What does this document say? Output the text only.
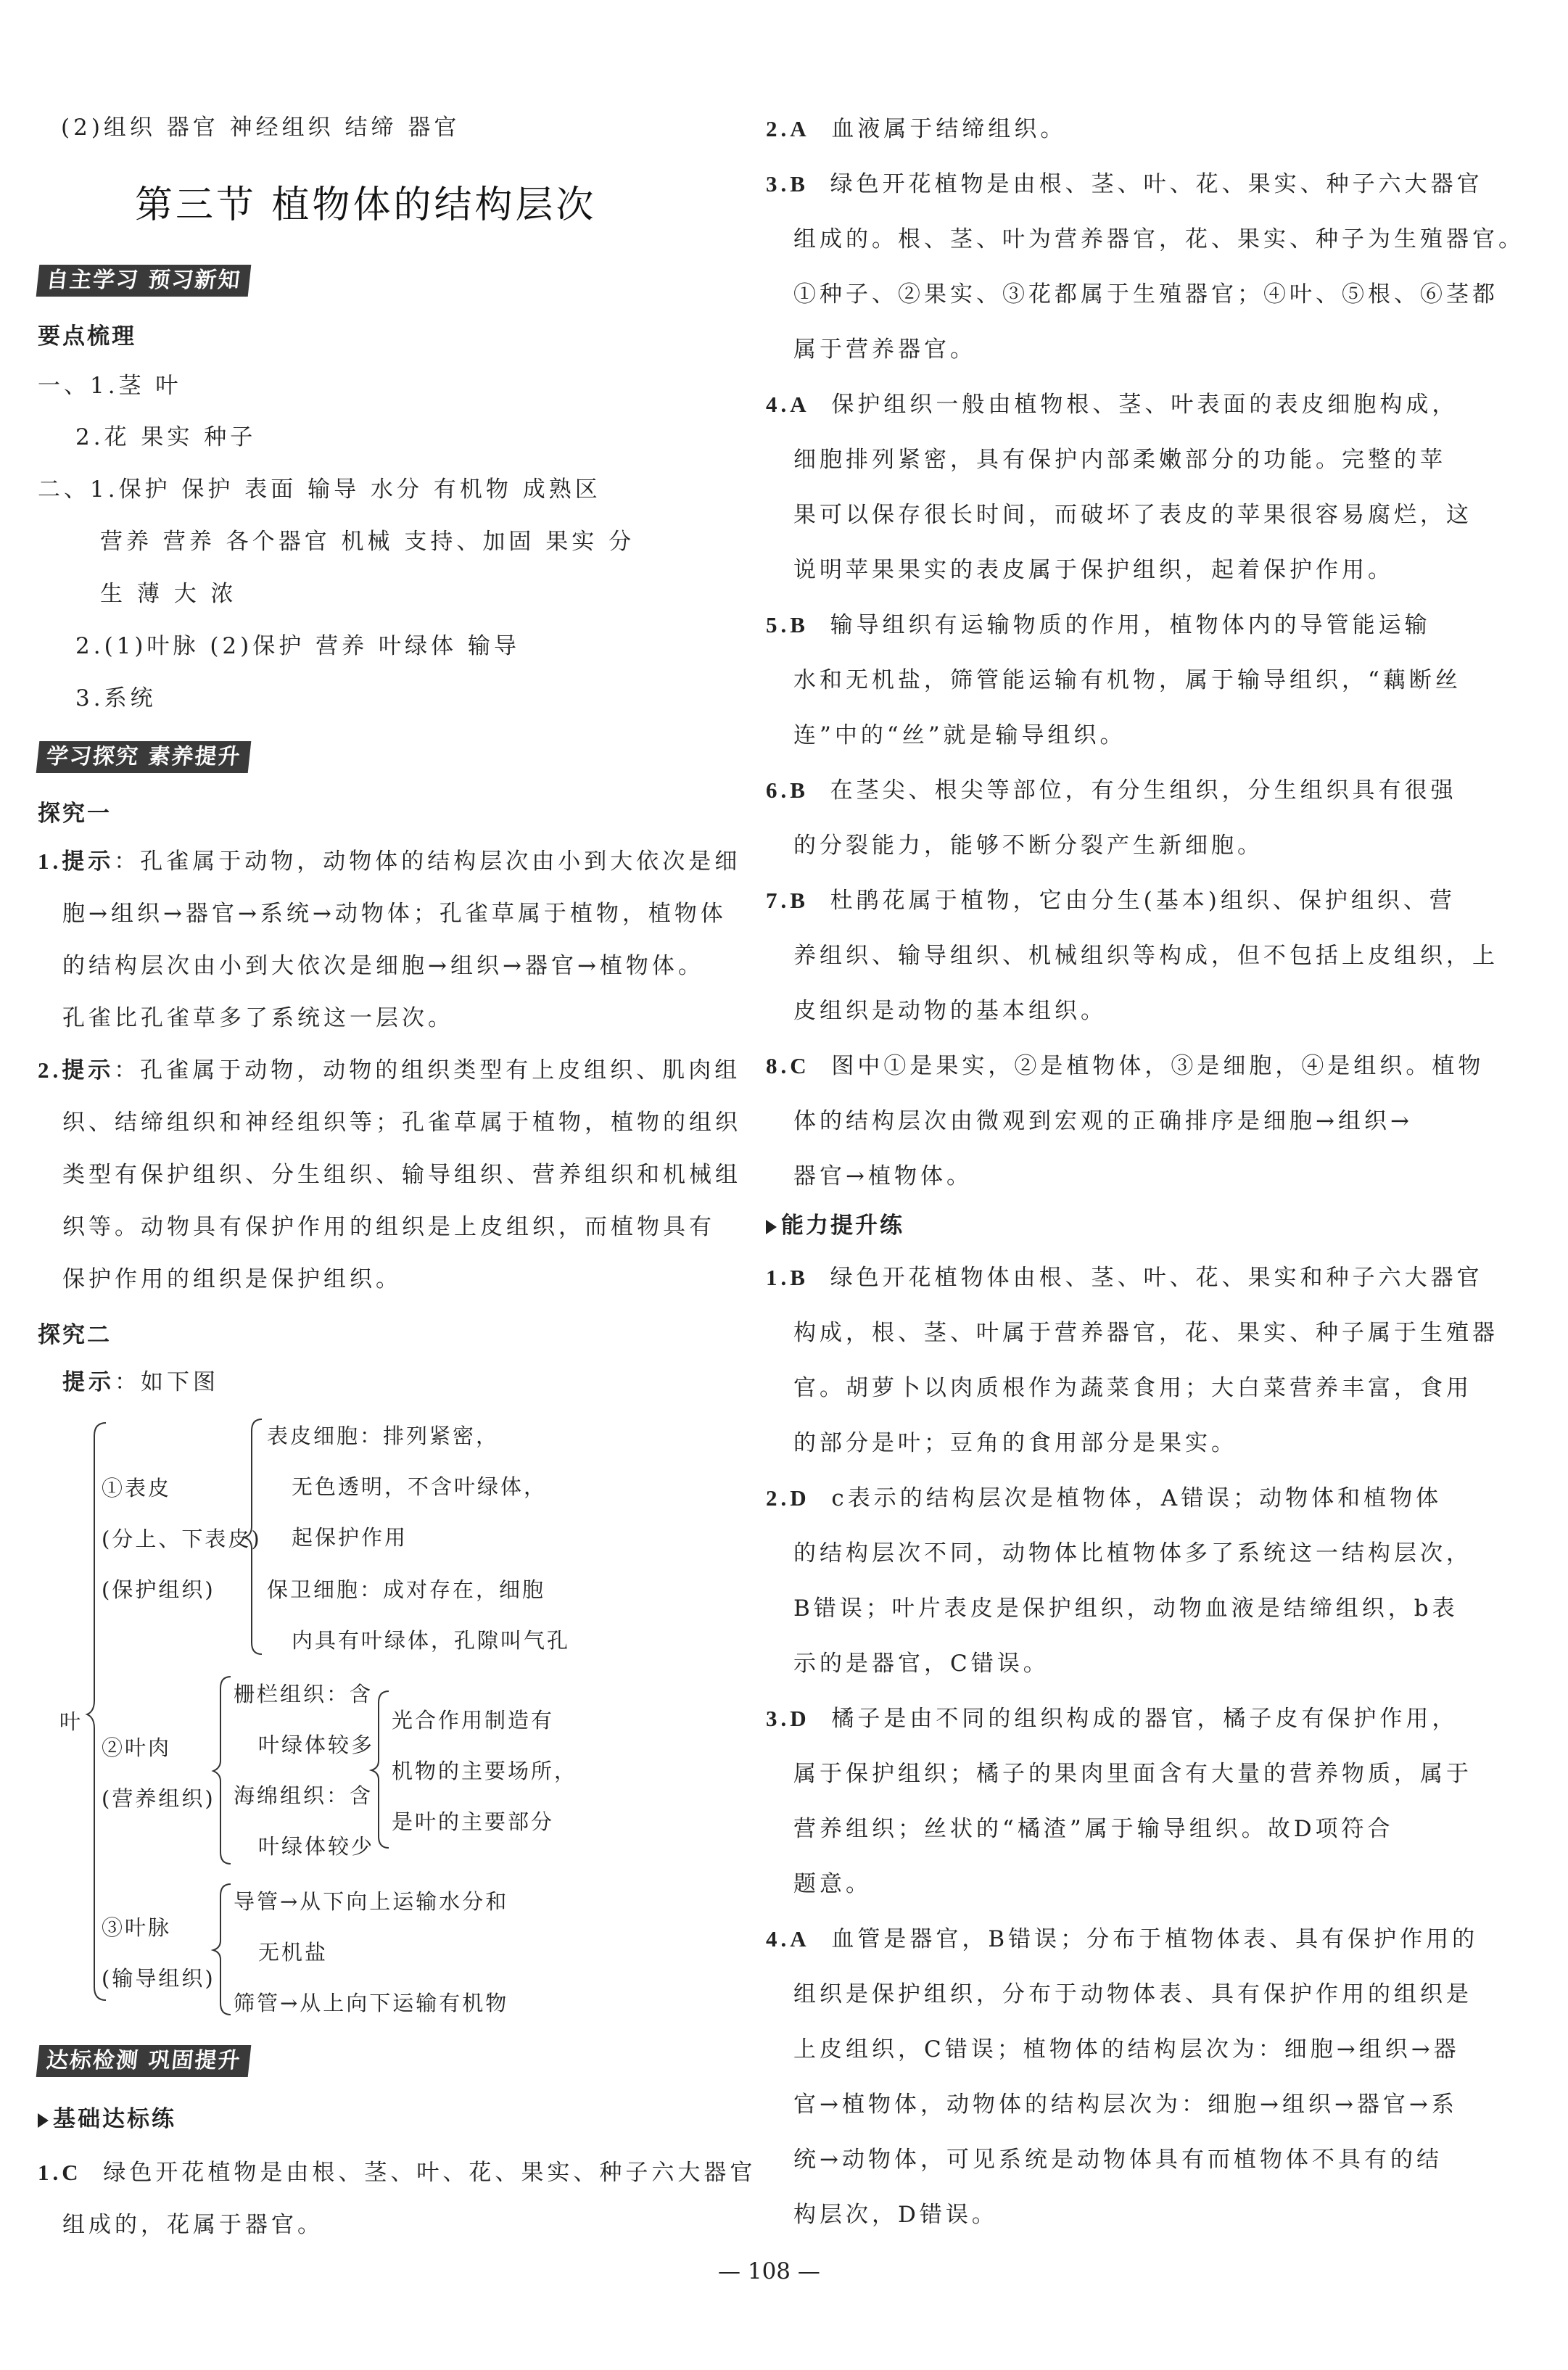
(2)组织 器官 神经组织 结缔 器官
第三节 植物体的结构层次
自主学习 预习新知
要点梳理
一、1.茎 叶
2.花 果实 种子
二、1.保护 保护 表面 输导 水分 有机物 成熟区
营养 营养 各个器官 机械 支持、加固 果实 分
生 薄 大 浓
2.(1)叶脉 (2)保护 营养 叶绿体 输导
3.系统
学习探究 素养提升
探究一
1.提示：孔雀属于动物，动物体的结构层次由小到大依次是细
胞→组织→器官→系统→动物体；孔雀草属于植物，植物体
的结构层次由小到大依次是细胞→组织→器官→植物体。
孔雀比孔雀草多了系统这一层次。
2.提示：孔雀属于动物，动物的组织类型有上皮组织、肌肉组
织、结缔组织和神经组织等；孔雀草属于植物，植物的组织
类型有保护组织、分生组织、输导组织、营养组织和机械组
织等。动物具有保护作用的组织是上皮组织，而植物具有
保护作用的组织是保护组织。
探究二
提示：如下图
叶
①表皮
(分上、下表皮)
(保护组织)
表皮细胞：排列紧密，
无色透明，不含叶绿体，
起保护作用
保卫细胞：成对存在，细胞
内具有叶绿体，孔隙叫气孔
②叶肉
(营养组织)
栅栏组织：含
叶绿体较多
海绵组织：含
叶绿体较少
光合作用制造有
机物的主要场所，
是叶的主要部分
③叶脉
(输导组织)
导管→从下向上运输水分和
无机盐
筛管→从上向下运输有机物
达标检测 巩固提升
基础达标练
1.C 绿色开花植物是由根、茎、叶、花、果实、种子六大器官
组成的，花属于器官。
2.A 血液属于结缔组织。
3.B 绿色开花植物是由根、茎、叶、花、果实、种子六大器官
组成的。根、茎、叶为营养器官，花、果实、种子为生殖器官。
①种子、②果实、③花都属于生殖器官；④叶、⑤根、⑥茎都
属于营养器官。
4.A 保护组织一般由植物根、茎、叶表面的表皮细胞构成，
细胞排列紧密，具有保护内部柔嫩部分的功能。完整的苹
果可以保存很长时间，而破坏了表皮的苹果很容易腐烂，这
说明苹果果实的表皮属于保护组织，起着保护作用。
5.B 输导组织有运输物质的作用，植物体内的导管能运输
水和无机盐，筛管能运输有机物，属于输导组织，“藕断丝
连”中的“丝”就是输导组织。
6.B 在茎尖、根尖等部位，有分生组织，分生组织具有很强
的分裂能力，能够不断分裂产生新细胞。
7.B 杜鹃花属于植物，它由分生(基本)组织、保护组织、营
养组织、输导组织、机械组织等构成，但不包括上皮组织，上
皮组织是动物的基本组织。
8.C 图中①是果实，②是植物体，③是细胞，④是组织。植物
体的结构层次由微观到宏观的正确排序是细胞→组织→
器官→植物体。
能力提升练
1.B 绿色开花植物体由根、茎、叶、花、果实和种子六大器官
构成，根、茎、叶属于营养器官，花、果实、种子属于生殖器
官。胡萝卜以肉质根作为蔬菜食用；大白菜营养丰富，食用
的部分是叶；豆角的食用部分是果实。
2.D c表示的结构层次是植物体，A错误；动物体和植物体
的结构层次不同，动物体比植物体多了系统这一结构层次，
B错误；叶片表皮是保护组织，动物血液是结缔组织，b表
示的是器官，C错误。
3.D 橘子是由不同的组织构成的器官，橘子皮有保护作用，
属于保护组织；橘子的果肉里面含有大量的营养物质，属于
营养组织；丝状的“橘渣”属于输导组织。故D项符合
题意。
4.A 血管是器官，B错误；分布于植物体表、具有保护作用的
组织是保护组织，分布于动物体表、具有保护作用的组织是
上皮组织，C错误；植物体的结构层次为：细胞→组织→器
官→植物体，动物体的结构层次为：细胞→组织→器官→系
统→动物体，可见系统是动物体具有而植物体不具有的结
构层次，D错误。
— 108 —
